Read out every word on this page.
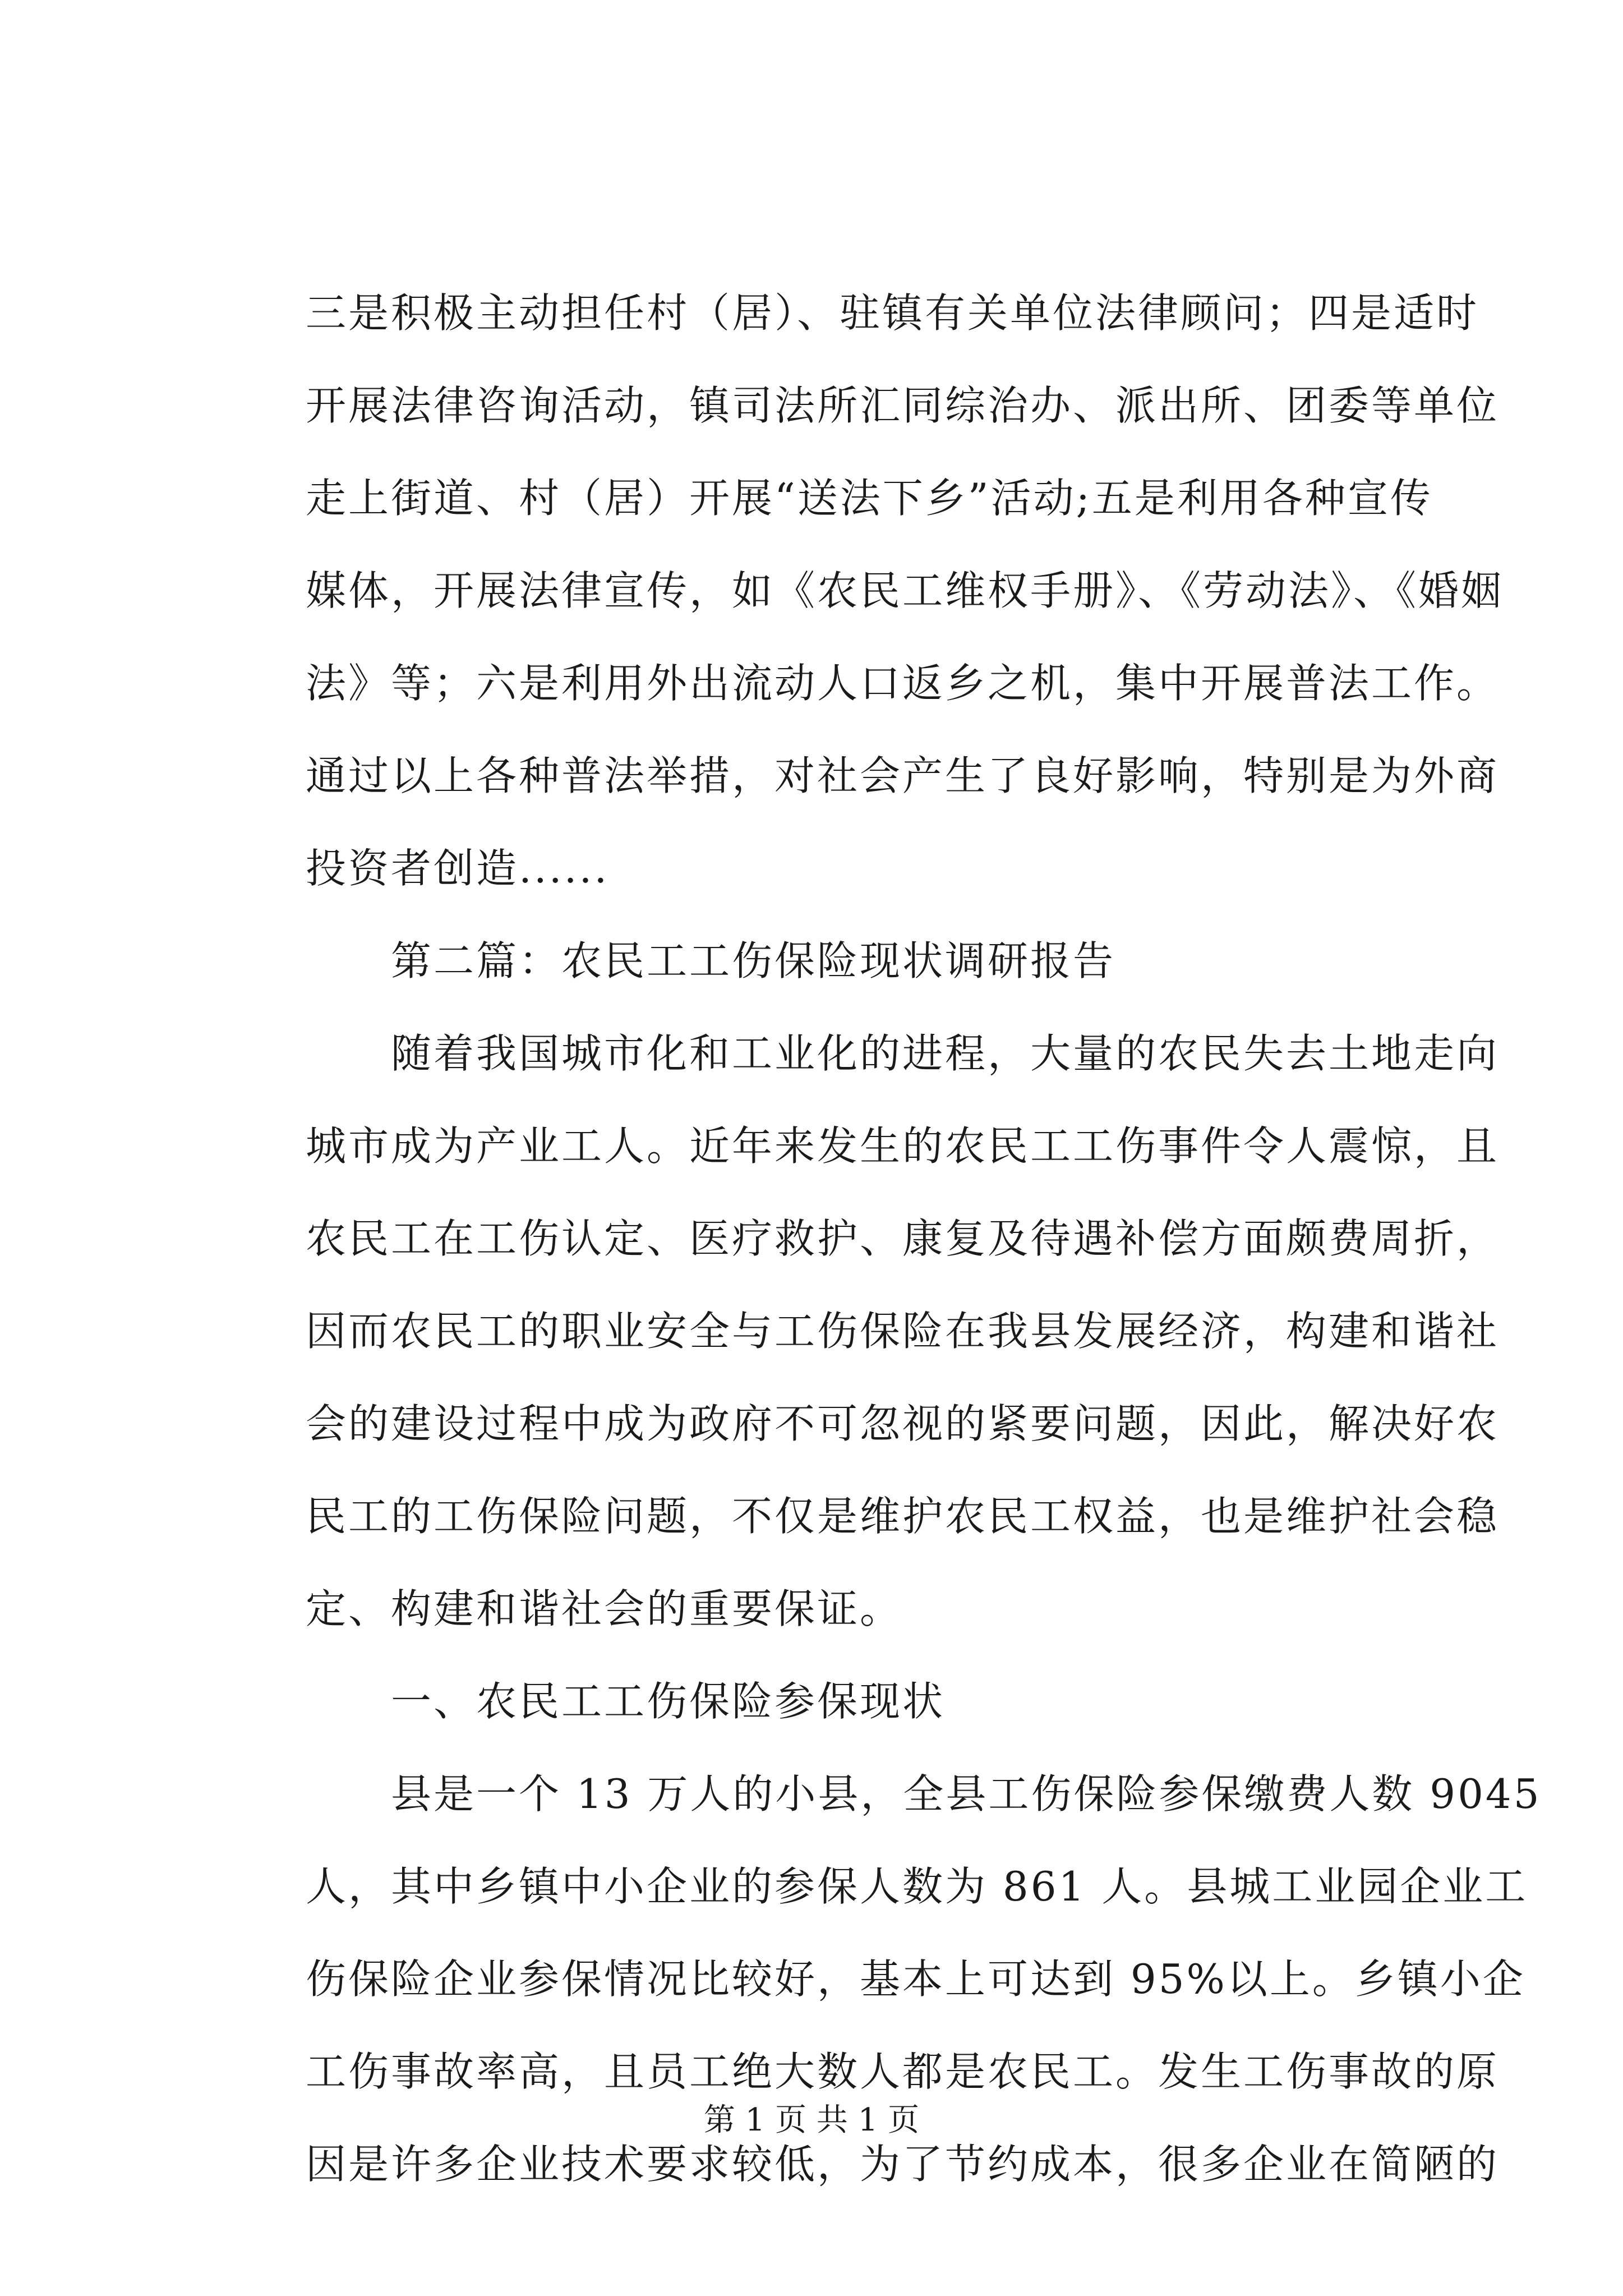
三是积极主动担任村（居）、驻镇有关单位法律顾问；四是适时
开展法律咨询活动，镇司法所汇同综治办、派出所、团委等单位
走上街道、村（居）开展“送法下乡”活动;五是利用各种宣传
媒体，开展法律宣传，如《农民工维权手册》、《劳动法》、《婚姻
法》等；六是利用外出流动人口返乡之机，集中开展普法工作。
通过以上各种普法举措，对社会产生了良好影响，特别是为外商
投资者创造......
　　第二篇：农民工工伤保险现状调研报告
　　随着我国城市化和工业化的进程，大量的农民失去土地走向
城市成为产业工人。近年来发生的农民工工伤事件令人震惊，且
农民工在工伤认定、医疗救护、康复及待遇补偿方面颇费周折，
因而农民工的职业安全与工伤保险在我县发展经济，构建和谐社
会的建设过程中成为政府不可忽视的紧要问题，因此，解决好农
民工的工伤保险问题，不仅是维护农民工权益，也是维护社会稳
定、构建和谐社会的重要保证。
　　一、农民工工伤保险参保现状
　　县是一个 13 万人的小县，全县工伤保险参保缴费人数 9045
人，其中乡镇中小企业的参保人数为 861 人。县城工业园企业工
伤保险企业参保情况比较好，基本上可达到 95%以上。乡镇小企
工伤事故率高，且员工绝大数人都是农民工。发生工伤事故的原
因是许多企业技术要求较低，为了节约成本，很多企业在简陋的
第 1 页 共 1 页
